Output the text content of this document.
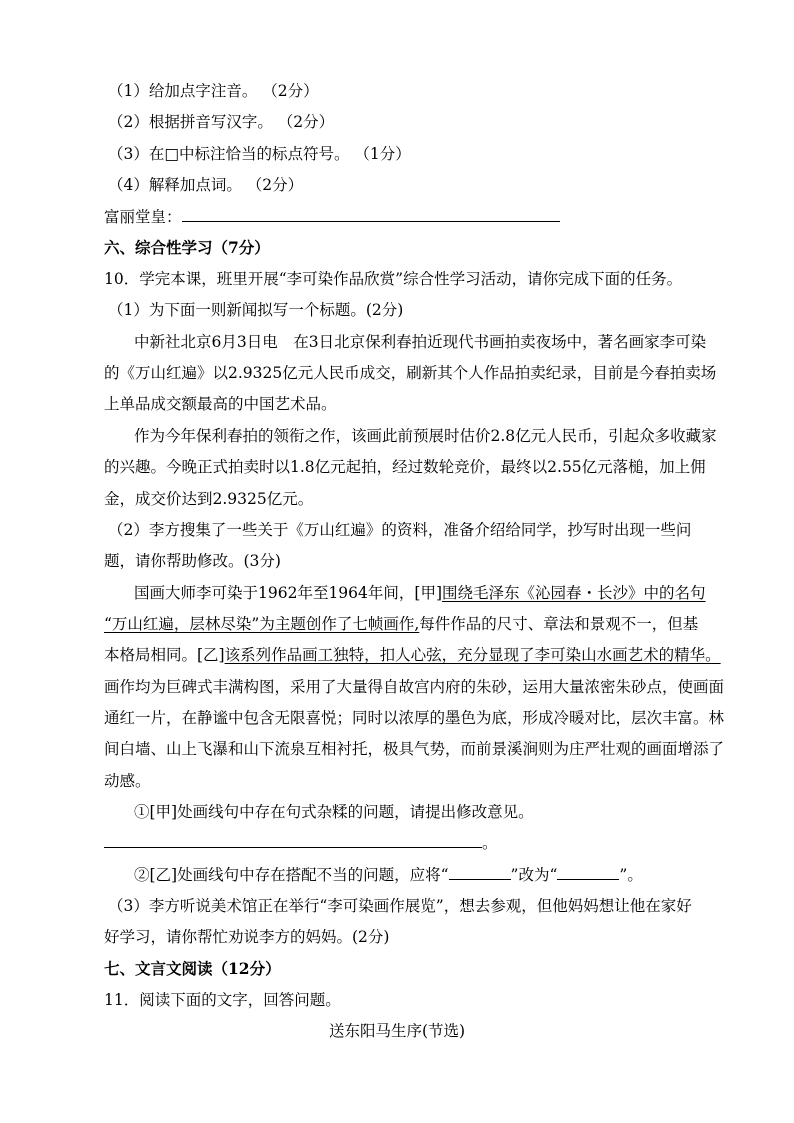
（1）给加点字注音。 （2分）
（2）根据拼音写汉字。 （2分）
（3）在□中标注恰当的标点符号。 （1分）
（4）解释加点词。 （2分）
富丽堂皇：
六、综合性学习（7分）
10．学完本课，班里开展“李可染作品欣赏”综合性学习活动，请你完成下面的任务。
（1）为下面一则新闻拟写一个标题。(2分)
中新社北京6月3日电　在3日北京保利春拍近现代书画拍卖夜场中，著名画家李可染
的《万山红遍》以2.9325亿元人民币成交，刷新其个人作品拍卖纪录，目前是今春拍卖场
上单品成交额最高的中国艺术品。
作为今年保利春拍的领衔之作，该画此前预展时估价2.8亿元人民币，引起众多收藏家
的兴趣。今晚正式拍卖时以1.8亿元起拍，经过数轮竞价，最终以2.55亿元落槌，加上佣
金，成交价达到2.9325亿元。
（2）李方搜集了一些关于《万山红遍》的资料，准备介绍给同学，抄写时出现一些问
题，请你帮助修改。(3分)
国画大师李可染于1962年至1964年间，[甲]围绕毛泽东《沁园春・长沙》中的名句
“万山红遍，层林尽染”为主题创作了七帧画作,每件作品的尺寸、章法和景观不一，但基
本格局相同。[乙]该系列作品画工独特，扣人心弦，充分显现了李可染山水画艺术的精华。
画作均为巨碑式丰满构图，采用了大量得自故宫内府的朱砂，运用大量浓密朱砂点，使画面
通红一片，在静谧中包含无限喜悦；同时以浓厚的墨色为底，形成冷暖对比，层次丰富。林
间白墙、山上飞瀑和山下流泉互相衬托，极具气势，而前景溪涧则为庄严壮观的画面增添了
动感。
①[甲]处画线句中存在句式杂糅的问题，请提出修改意见。
。
②[乙]处画线句中存在搭配不当的问题，应将“	”改为“	”。
（3）李方听说美术馆正在举行“李可染画作展览”，想去参观，但他妈妈想让他在家好
好学习，请你帮忙劝说李方的妈妈。(2分)
七、文言文阅读（12分）
11．阅读下面的文字，回答问题。
送东阳马生序(节选)
